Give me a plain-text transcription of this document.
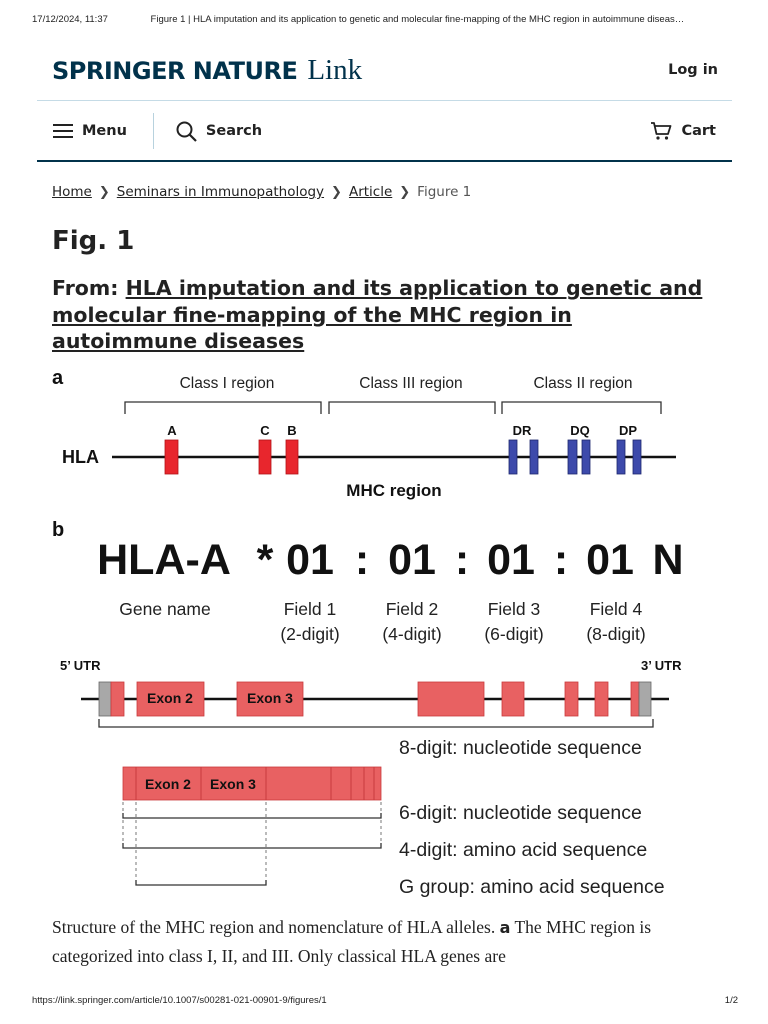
17/12/2024, 11:37	Figure 1 | HLA imputation and its application to genetic and molecular fine-mapping of the MHC region in autoimmune diseas…
SPRINGER NATURE Link	Log in
Menu	Search	Cart
Home ❯ Seminars in Immunopathology ❯ Article ❯ Figure 1
Fig. 1
From: HLA imputation and its application to genetic and molecular fine-mapping of the MHC region in autoimmune diseases
a	Class I region	Class III region	Class II region
HLA
A	C B	DR	DQ DP
MHC region
b
HLA-A * 01 : 01 : 01 : 01 N
Gene name	Field 1	Field 2	Field 3	Field 4
(2-digit) (4-digit) (6-digit) (8-digit)
5’ UTR	3’ UTR
Exon 2	Exon 3
8-digit: nucleotide sequence
6-digit: nucleotide sequence
4-digit: amino acid sequence
G group: amino acid sequence
Exon 2 Exon 3
Structure of the MHC region and nomenclature of HLA alleles. a The MHC region is categorized into class I, II, and III. Only classical HLA genes are
https://link.springer.com/article/10.1007/s00281-021-00901-9/figures/1	1/2
